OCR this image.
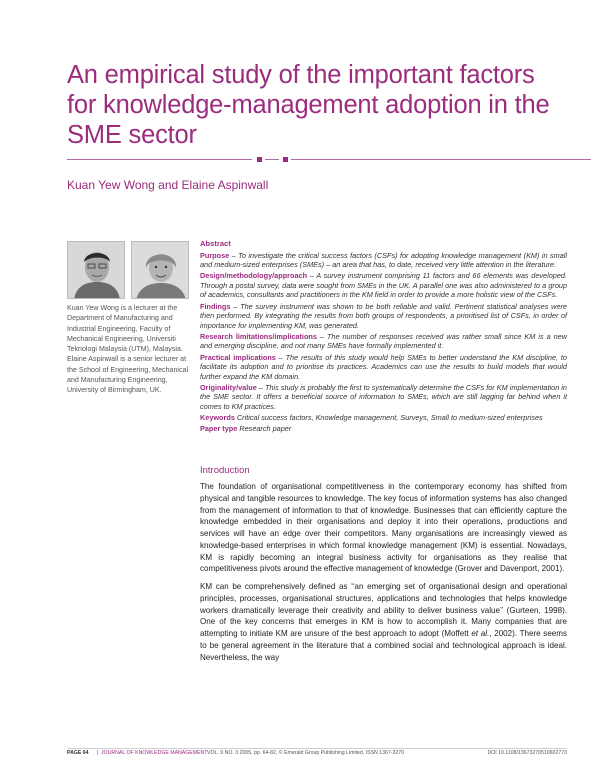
An empirical study of the important factors for knowledge-management adoption in the SME sector
Kuan Yew Wong and Elaine Aspinwall

Kuan Yew Wong is a lecturer at the Department of Manufacturing and Industrial Engineering, Faculty of Mechanical Engineering, Universiti Teknologi Malaysia (UTM), Malaysia. Elaine Aspinwall is a senior lecturer at the School of Engineering, Mechanical and Manufacturing Engineering, University of Birmingham, UK.

Abstract
Purpose – To investigate the critical success factors (CSFs) for adopting knowledge management (KM) in small and medium-sized enterprises (SMEs) – an area that has, to date, received very little attention in the literature.
Design/methodology/approach – A survey instrument comprising 11 factors and 66 elements was developed. Through a postal survey, data were sought from SMEs in the UK. A parallel one was also administered to a group of academics, consultants and practitioners in the KM field in order to provide a more holistic view of the CSFs.
Findings – The survey instrument was shown to be both reliable and valid. Pertinent statistical analyses were then performed. By integrating the results from both groups of respondents, a prioritised list of CSFs, in order of importance for implementing KM, was generated.
Research limitations/implications – The number of responses received was rather small since KM is a new and emerging discipline, and not many SMEs have formally implemented it.
Practical implications – The results of this study would help SMEs to better understand the KM discipline, to facilitate its adoption and to prioritise its practices. Academics can use the results to build models that would further expand the KM domain.
Originality/value – This study is probably the first to systematically determine the CSFs for KM implementation in the SME sector. It offers a beneficial source of information to SMEs, which are still lagging far behind when it comes to KM practices.
Keywords Critical success factors, Knowledge management, Surveys, Small to medium-sized enterprises
Paper type Research paper
Introduction

The foundation of organisational competitiveness in the contemporary economy has shifted from physical and tangible resources to knowledge. The key focus of information systems has also changed from the management of information to that of knowledge. Businesses that can efficiently capture the knowledge embedded in their organisations and deploy it into their operations, productions and services will have an edge over their competitors. Many organisations are increasingly viewed as knowledge-based enterprises in which formal knowledge management (KM) is essential. Nowadays, KM is rapidly becoming an integral business activity for organisations as they realise that competitiveness pivots around the effective management of knowledge (Grover and Davenport, 2001).

KM can be comprehensively defined as ‘‘an emerging set of organisational design and operational principles, processes, organisational structures, applications and technologies that helps knowledge workers dramatically leverage their creativity and ability to deliver business value’’ (Gurteen, 1998). One of the key concerns that emerges in KM is how to accomplish it. Many companies that are attempting to initiate KM are unsure of the best approach to adopt (Moffett et al., 2002). There seems to be general agreement in the literature that a combined social and technological approach is ideal. Nevertheless, the way

PAGE 64 | JOURNAL OF KNOWLEDGE MANAGEMENT VOL. 9 NO. 3 2005, pp. 64-82, © Emerald Group Publishing Limited, ISSN 1367-3270	DOI 10.1108/13673270510602773
